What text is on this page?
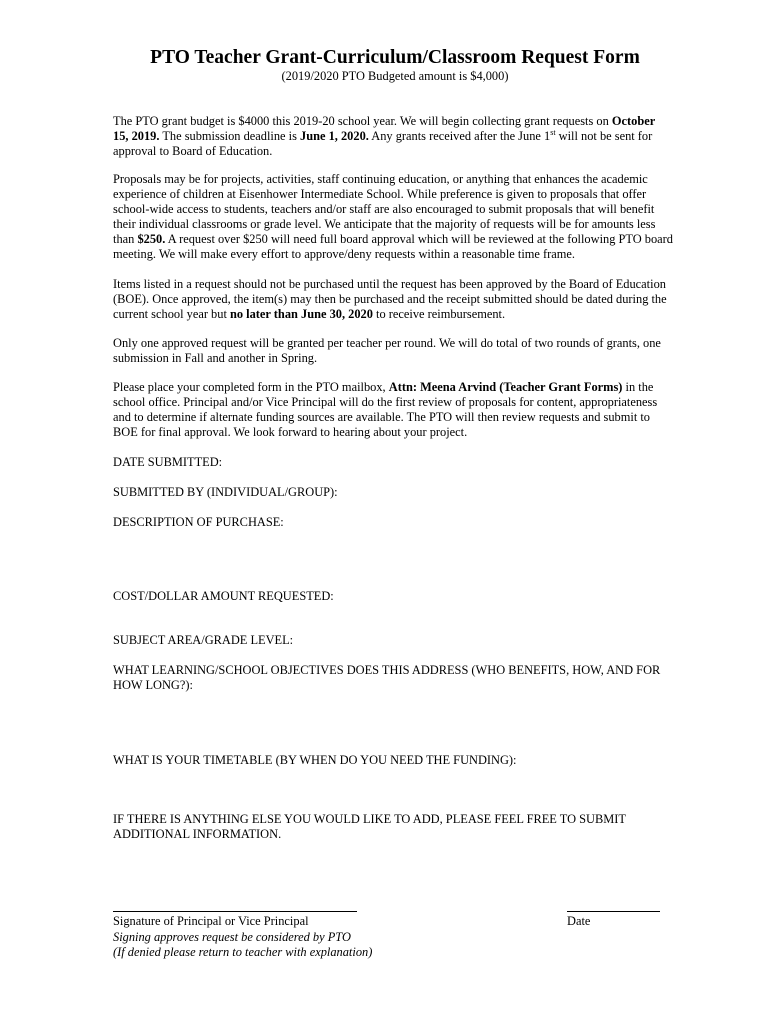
PTO Teacher Grant-Curriculum/Classroom Request Form

(2019/2020 PTO Budgeted amount is $4,000)

The PTO grant budget is $4000 this 2019-20 school year. We will begin collecting grant requests on October 15, 2019. The submission deadline is June 1, 2020. Any grants received after the June 1st will not be sent for approval to Board of Education.

Proposals may be for projects, activities, staff continuing education, or anything that enhances the academic experience of children at Eisenhower Intermediate School. While preference is given to proposals that offer school-wide access to students, teachers and/or staff are also encouraged to submit proposals that will benefit their individual classrooms or grade level. We anticipate that the majority of requests will be for amounts less than $250. A request over $250 will need full board approval which will be reviewed at the following PTO board meeting. We will make every effort to approve/deny requests within a reasonable time frame.

Items listed in a request should not be purchased until the request has been approved by the Board of Education (BOE). Once approved, the item(s) may then be purchased and the receipt submitted should be dated during the current school year but no later than June 30, 2020 to receive reimbursement.

Only one approved request will be granted per teacher per round. We will do total of two rounds of grants, one submission in Fall and another in Spring.

Please place your completed form in the PTO mailbox, Attn: Meena Arvind (Teacher Grant Forms) in the school office. Principal and/or Vice Principal will do the first review of proposals for content, appropriateness and to determine if alternate funding sources are available. The PTO will then review requests and submit to BOE for final approval. We look forward to hearing about your project.

DATE SUBMITTED:

SUBMITTED BY (INDIVIDUAL/GROUP):

DESCRIPTION OF PURCHASE:

COST/DOLLAR AMOUNT REQUESTED:

SUBJECT AREA/GRADE LEVEL:

WHAT LEARNING/SCHOOL OBJECTIVES DOES THIS ADDRESS (WHO BENEFITS, HOW, AND FOR HOW LONG?):

WHAT IS YOUR TIMETABLE (BY WHEN DO YOU NEED THE FUNDING):

IF THERE IS ANYTHING ELSE YOU WOULD LIKE TO ADD, PLEASE FEEL FREE TO SUBMIT ADDITIONAL INFORMATION.

Signature of Principal or Vice Principal	Date

Signing approves request be considered by PTO

(If denied please return to teacher with explanation)
